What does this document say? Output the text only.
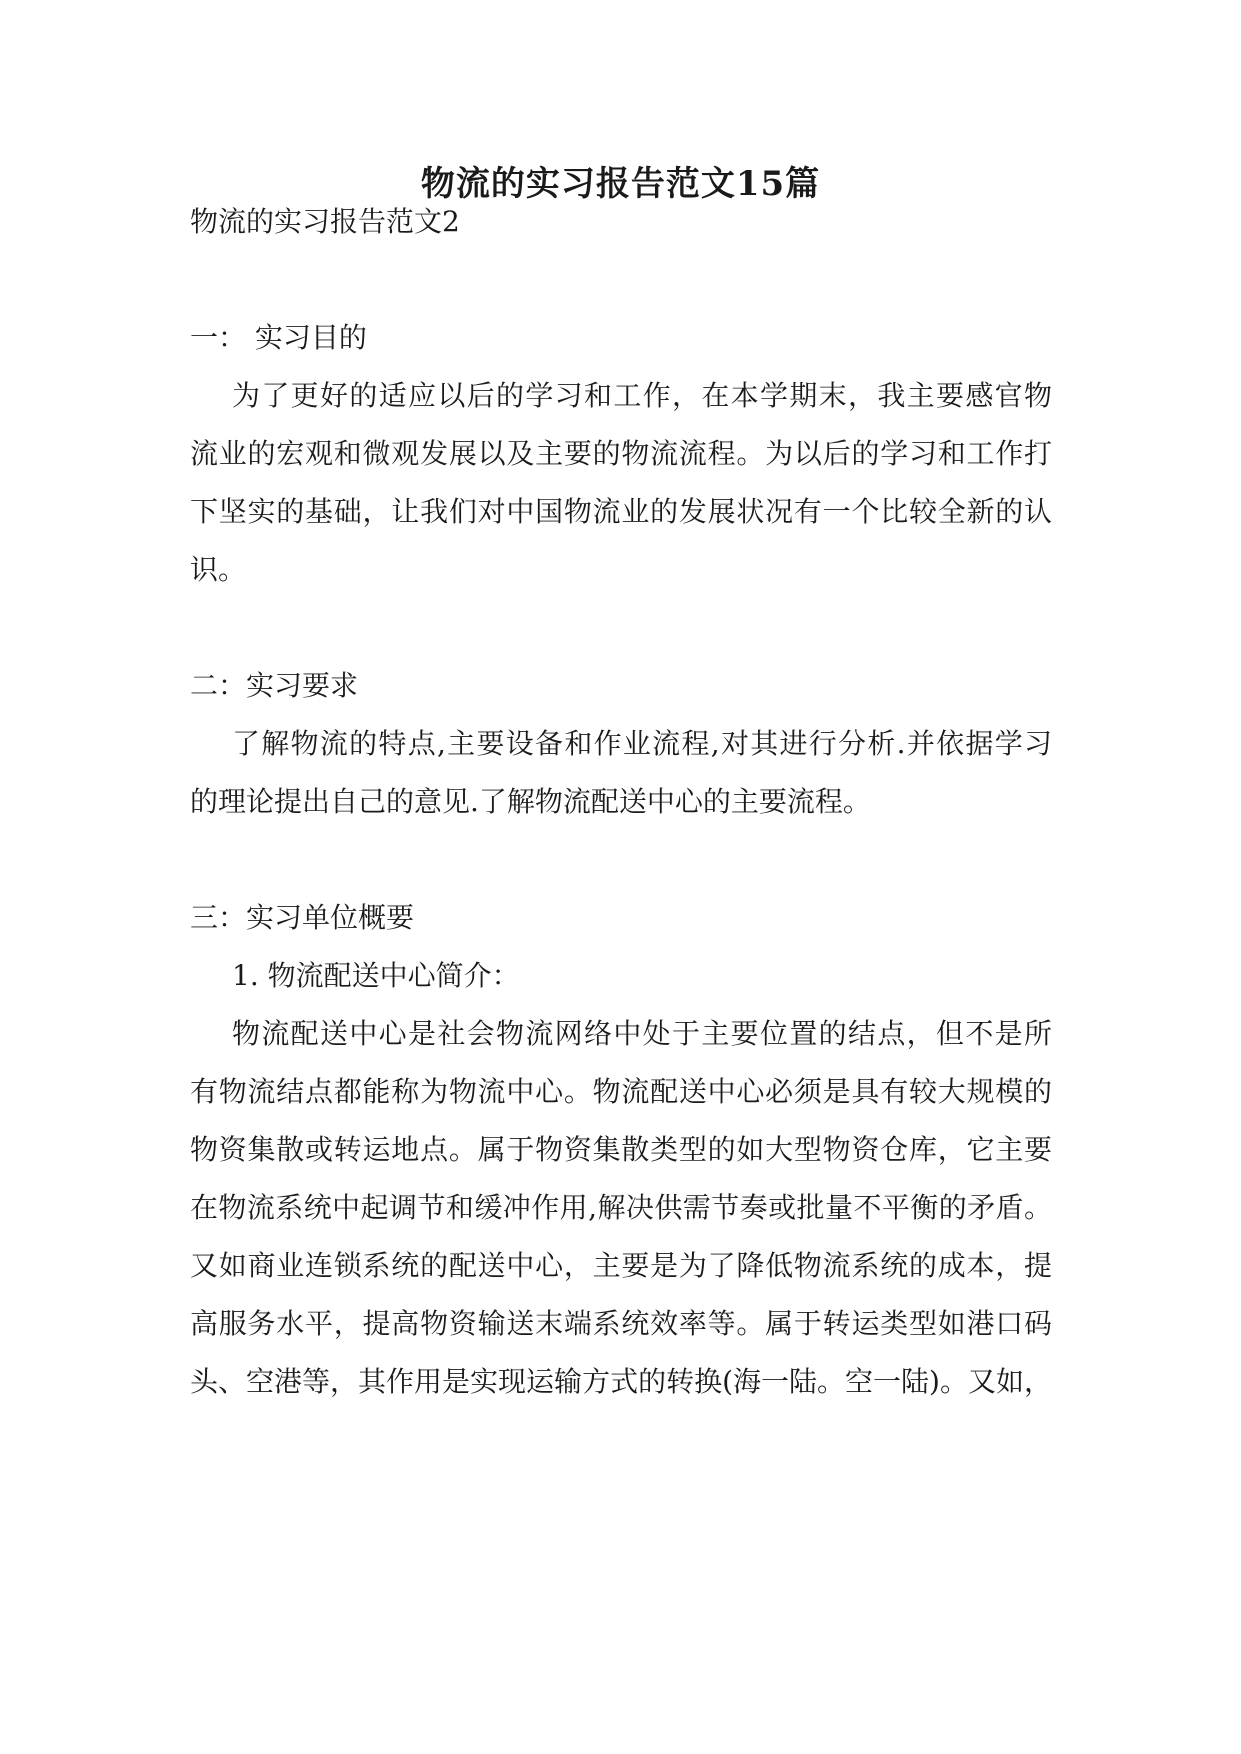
物流的实习报告范文15篇
物流的实习报告范文2
一： 实习目的
为了更好的适应以后的学习和工作，在本学期末，我主要感官物
流业的宏观和微观发展以及主要的物流流程。为以后的学习和工作打
下坚实的基础，让我们对中国物流业的发展状况有一个比较全新的认
识。
二：实习要求
了解物流的特点,主要设备和作业流程,对其进行分析.并依据学习
的理论提出自己的意见.了解物流配送中心的主要流程。
三：实习单位概要
1. 物流配送中心简介：
物流配送中心是社会物流网络中处于主要位置的结点，但不是所
有物流结点都能称为物流中心。物流配送中心必须是具有较大规模的
物资集散或转运地点。属于物资集散类型的如大型物资仓库，它主要
在物流系统中起调节和缓冲作用,解决供需节奏或批量不平衡的矛盾。
又如商业连锁系统的配送中心，主要是为了降低物流系统的成本，提
高服务水平，提高物资输送末端系统效率等。属于转运类型如港口码
头、空港等，其作用是实现运输方式的转换(海一陆。空一陆)。又如，
